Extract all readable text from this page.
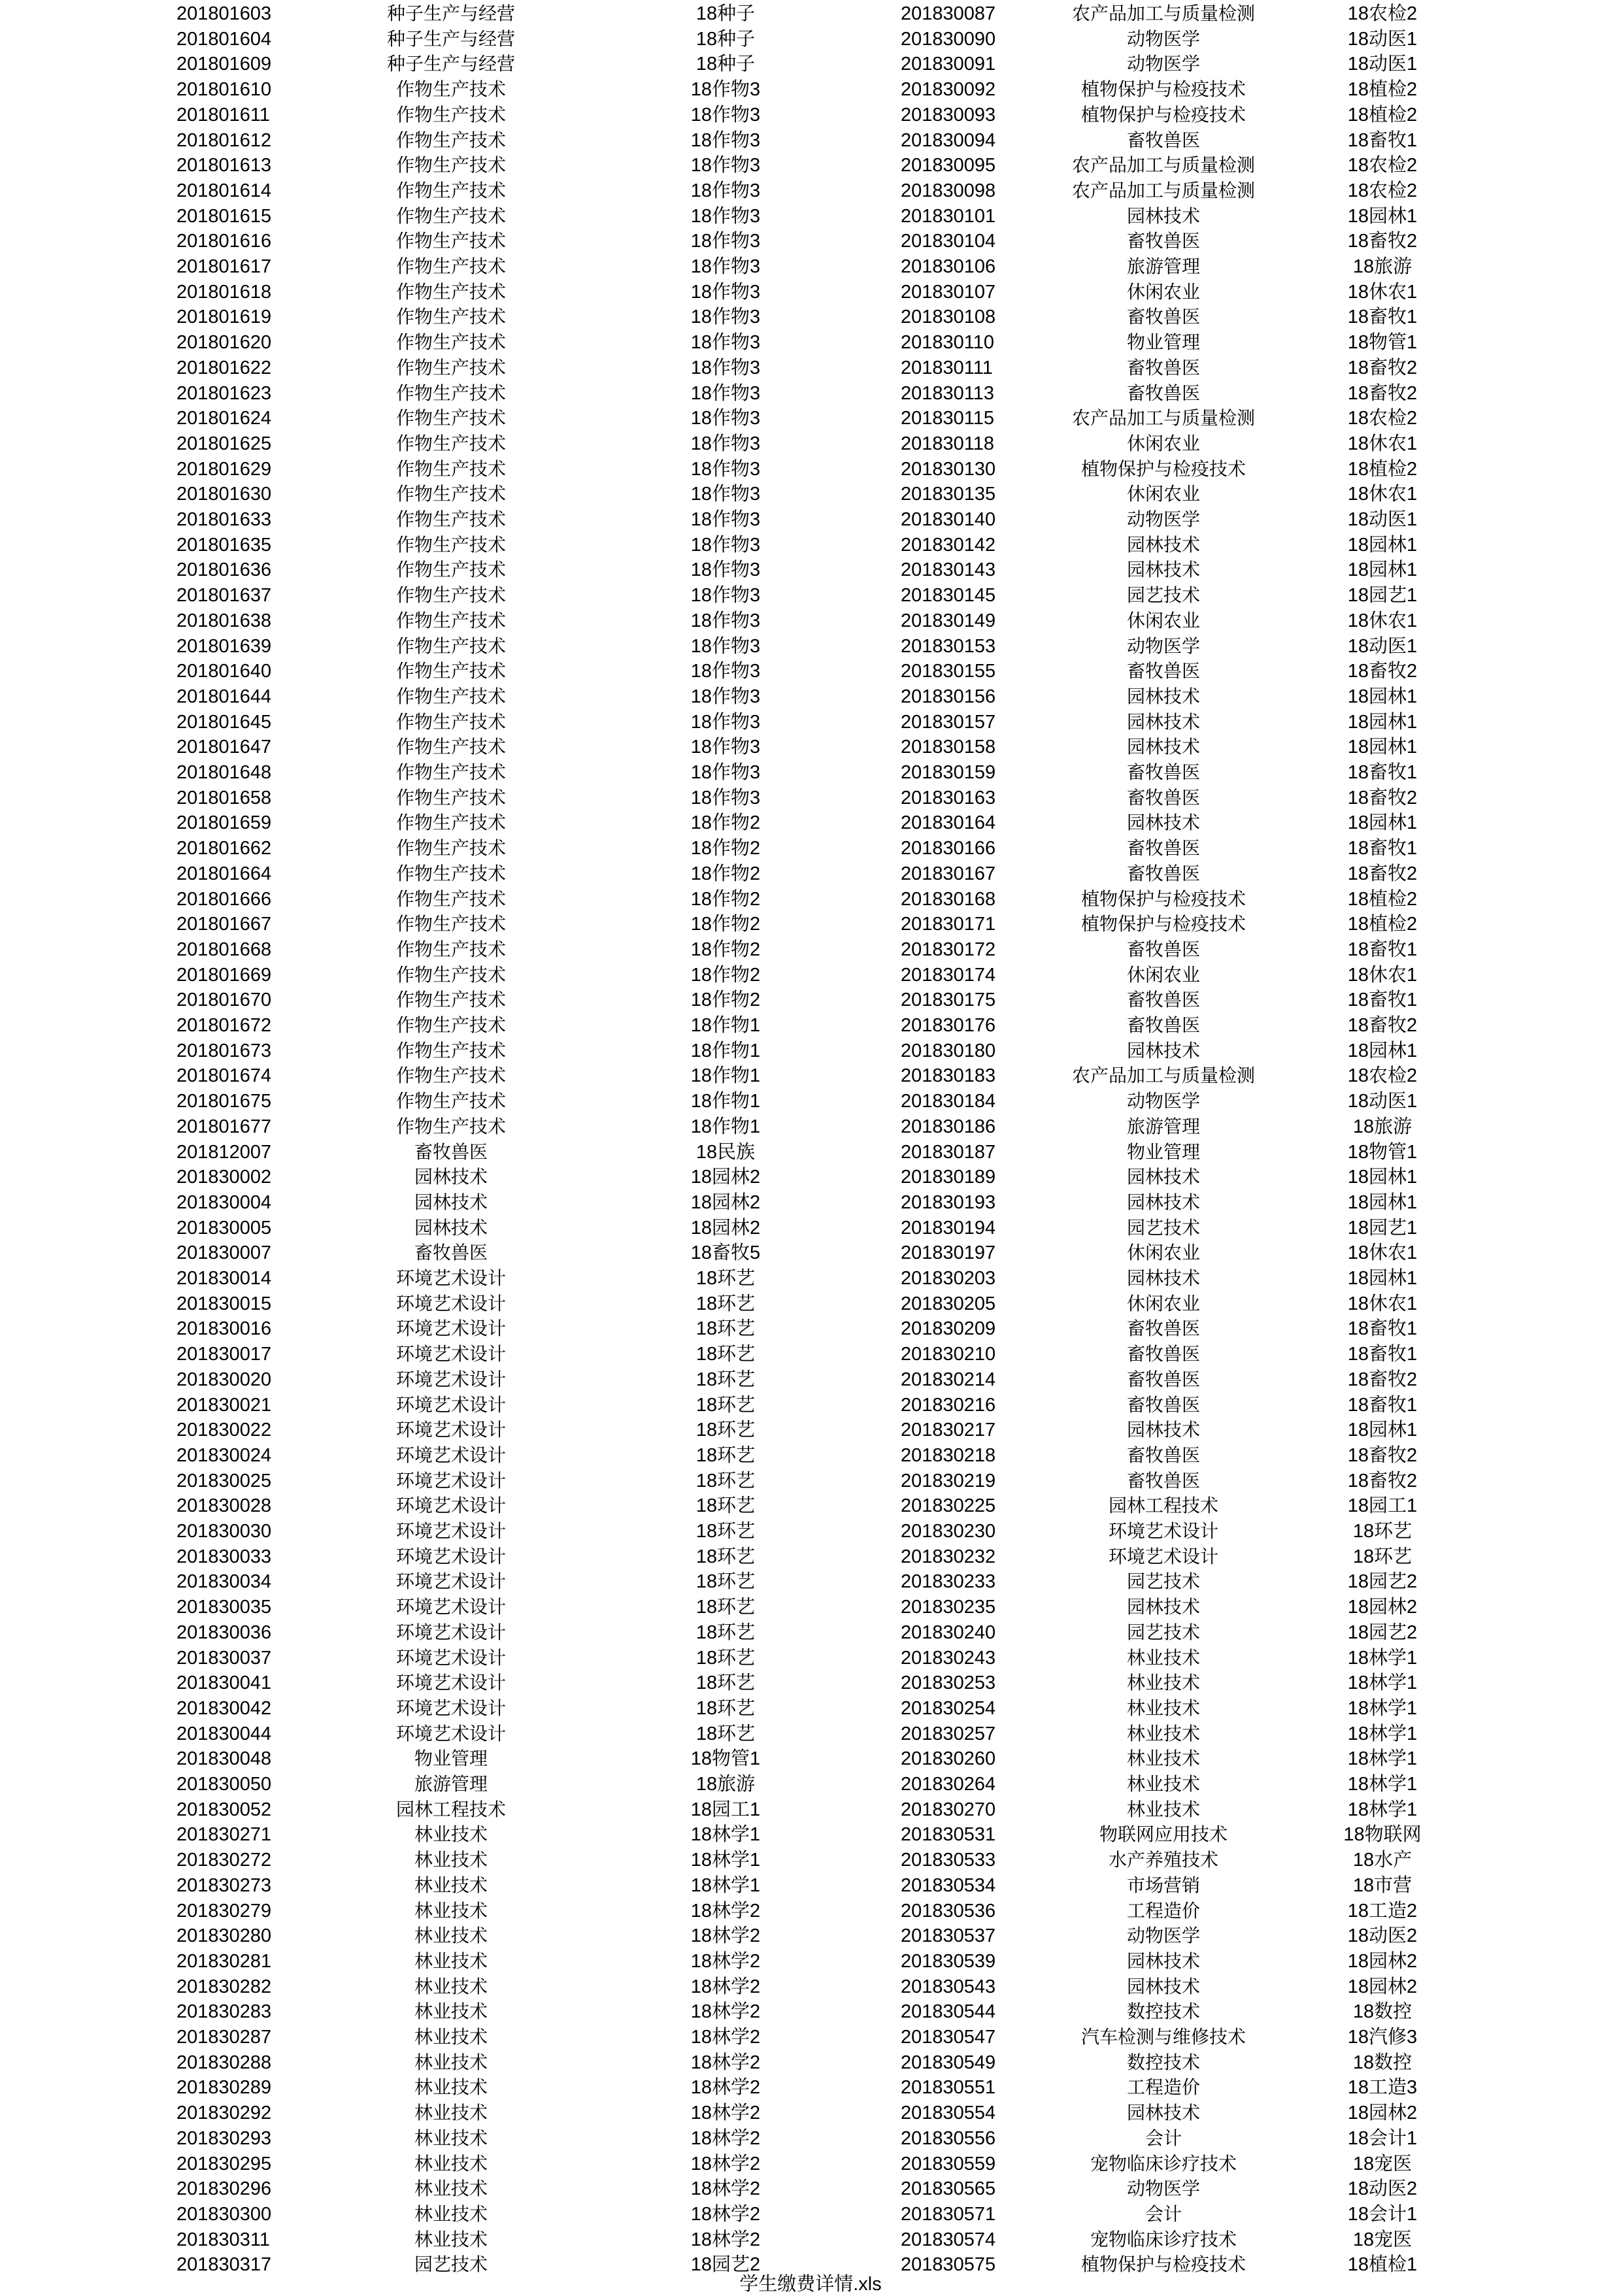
201801603	种子生产与经营	18种子
201801604	种子生产与经营	18种子
201801609	种子生产与经营	18种子
201801610	作物生产技术	18作物3
201801611	作物生产技术	18作物3
201801612	作物生产技术	18作物3
201801613	作物生产技术	18作物3
201801614	作物生产技术	18作物3
201801615	作物生产技术	18作物3
201801616	作物生产技术	18作物3
201801617	作物生产技术	18作物3
201801618	作物生产技术	18作物3
201801619	作物生产技术	18作物3
201801620	作物生产技术	18作物3
201801622	作物生产技术	18作物3
201801623	作物生产技术	18作物3
201801624	作物生产技术	18作物3
201801625	作物生产技术	18作物3
201801629	作物生产技术	18作物3
201801630	作物生产技术	18作物3
201801633	作物生产技术	18作物3
201801635	作物生产技术	18作物3
201801636	作物生产技术	18作物3
201801637	作物生产技术	18作物3
201801638	作物生产技术	18作物3
201801639	作物生产技术	18作物3
201801640	作物生产技术	18作物3
201801644	作物生产技术	18作物3
201801645	作物生产技术	18作物3
201801647	作物生产技术	18作物3
201801648	作物生产技术	18作物3
201801658	作物生产技术	18作物3
201801659	作物生产技术	18作物2
201801662	作物生产技术	18作物2
201801664	作物生产技术	18作物2
201801666	作物生产技术	18作物2
201801667	作物生产技术	18作物2
201801668	作物生产技术	18作物2
201801669	作物生产技术	18作物2
201801670	作物生产技术	18作物2
201801672	作物生产技术	18作物1
201801673	作物生产技术	18作物1
201801674	作物生产技术	18作物1
201801675	作物生产技术	18作物1
201801677	作物生产技术	18作物1
201812007	畜牧兽医	18民族
201830002	园林技术	18园林2
201830004	园林技术	18园林2
201830005	园林技术	18园林2
201830007	畜牧兽医	18畜牧5
201830014	环境艺术设计	18环艺
201830015	环境艺术设计	18环艺
201830016	环境艺术设计	18环艺
201830017	环境艺术设计	18环艺
201830020	环境艺术设计	18环艺
201830021	环境艺术设计	18环艺
201830022	环境艺术设计	18环艺
201830024	环境艺术设计	18环艺
201830025	环境艺术设计	18环艺
201830028	环境艺术设计	18环艺
201830030	环境艺术设计	18环艺
201830033	环境艺术设计	18环艺
201830034	环境艺术设计	18环艺
201830035	环境艺术设计	18环艺
201830036	环境艺术设计	18环艺
201830037	环境艺术设计	18环艺
201830041	环境艺术设计	18环艺
201830042	环境艺术设计	18环艺
201830044	环境艺术设计	18环艺
201830048	物业管理	18物管1
201830050	旅游管理	18旅游
201830052	园林工程技术	18园工1
201830271	林业技术	18林学1
201830272	林业技术	18林学1
201830273	林业技术	18林学1
201830279	林业技术	18林学2
201830280	林业技术	18林学2
201830281	林业技术	18林学2
201830282	林业技术	18林学2
201830283	林业技术	18林学2
201830287	林业技术	18林学2
201830288	林业技术	18林学2
201830289	林业技术	18林学2
201830292	林业技术	18林学2
201830293	林业技术	18林学2
201830295	林业技术	18林学2
201830296	林业技术	18林学2
201830300	林业技术	18林学2
201830311	林业技术	18林学2
201830317	园艺技术	18园艺2
201830087	农产品加工与质量检测	18农检2
201830090	动物医学	18动医1
201830091	动物医学	18动医1
201830092	植物保护与检疫技术	18植检2
201830093	植物保护与检疫技术	18植检2
201830094	畜牧兽医	18畜牧1
201830095	农产品加工与质量检测	18农检2
201830098	农产品加工与质量检测	18农检2
201830101	园林技术	18园林1
201830104	畜牧兽医	18畜牧2
201830106	旅游管理	18旅游
201830107	休闲农业	18休农1
201830108	畜牧兽医	18畜牧1
201830110	物业管理	18物管1
201830111	畜牧兽医	18畜牧2
201830113	畜牧兽医	18畜牧2
201830115	农产品加工与质量检测	18农检2
201830118	休闲农业	18休农1
201830130	植物保护与检疫技术	18植检2
201830135	休闲农业	18休农1
201830140	动物医学	18动医1
201830142	园林技术	18园林1
201830143	园林技术	18园林1
201830145	园艺技术	18园艺1
201830149	休闲农业	18休农1
201830153	动物医学	18动医1
201830155	畜牧兽医	18畜牧2
201830156	园林技术	18园林1
201830157	园林技术	18园林1
201830158	园林技术	18园林1
201830159	畜牧兽医	18畜牧1
201830163	畜牧兽医	18畜牧2
201830164	园林技术	18园林1
201830166	畜牧兽医	18畜牧1
201830167	畜牧兽医	18畜牧2
201830168	植物保护与检疫技术	18植检2
201830171	植物保护与检疫技术	18植检2
201830172	畜牧兽医	18畜牧1
201830174	休闲农业	18休农1
201830175	畜牧兽医	18畜牧1
201830176	畜牧兽医	18畜牧2
201830180	园林技术	18园林1
201830183	农产品加工与质量检测	18农检2
201830184	动物医学	18动医1
201830186	旅游管理	18旅游
201830187	物业管理	18物管1
201830189	园林技术	18园林1
201830193	园林技术	18园林1
201830194	园艺技术	18园艺1
201830197	休闲农业	18休农1
201830203	园林技术	18园林1
201830205	休闲农业	18休农1
201830209	畜牧兽医	18畜牧1
201830210	畜牧兽医	18畜牧1
201830214	畜牧兽医	18畜牧2
201830216	畜牧兽医	18畜牧1
201830217	园林技术	18园林1
201830218	畜牧兽医	18畜牧2
201830219	畜牧兽医	18畜牧2
201830225	园林工程技术	18园工1
201830230	环境艺术设计	18环艺
201830232	环境艺术设计	18环艺
201830233	园艺技术	18园艺2
201830235	园林技术	18园林2
201830240	园艺技术	18园艺2
201830243	林业技术	18林学1
201830253	林业技术	18林学1
201830254	林业技术	18林学1
201830257	林业技术	18林学1
201830260	林业技术	18林学1
201830264	林业技术	18林学1
201830270	林业技术	18林学1
201830531	物联网应用技术	18物联网
201830533	水产养殖技术	18水产
201830534	市场营销	18市营
201830536	工程造价	18工造2
201830537	动物医学	18动医2
201830539	园林技术	18园林2
201830543	园林技术	18园林2
201830544	数控技术	18数控
201830547	汽车检测与维修技术	18汽修3
201830549	数控技术	18数控
201830551	工程造价	18工造3
201830554	园林技术	18园林2
201830556	会计	18会计1
201830559	宠物临床诊疗技术	18宠医
201830565	动物医学	18动医2
201830571	会计	18会计1
201830574	宠物临床诊疗技术	18宠医
201830575	植物保护与检疫技术	18植检1
学生缴费详情.xls
